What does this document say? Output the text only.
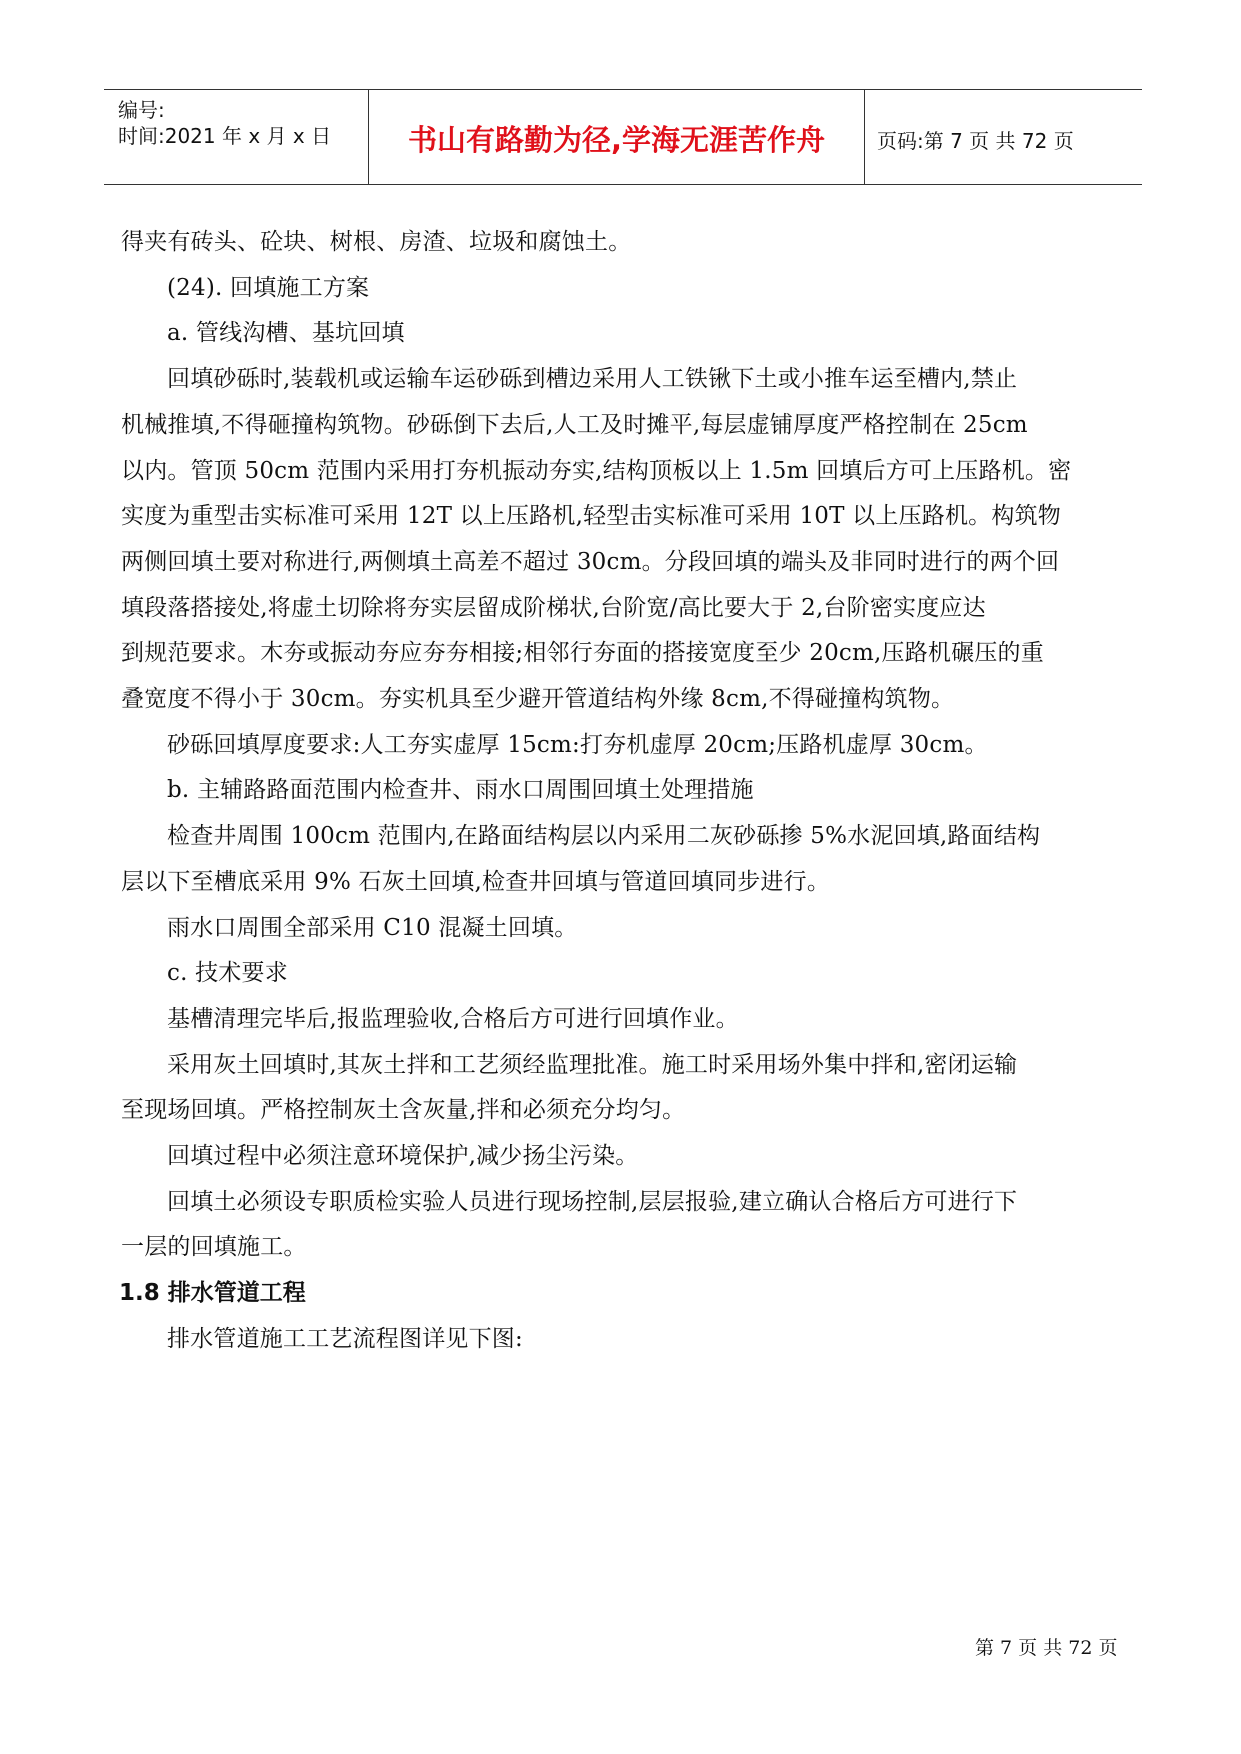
编号:
时间:2021 年 x 月 x 日	书山有路勤为径,学海无涯苦作舟	页码:第 7 页 共 72 页

得夹有砖头、砼块、树根、房渣、垃圾和腐蚀土。

(24). 回填施工方案

a. 管线沟槽、基坑回填

回填砂砾时,装载机或运输车运砂砾到槽边采用人工铁锹下土或小推车运至槽内,禁止

机械推填,不得砸撞构筑物。砂砾倒下去后,人工及时摊平,每层虚铺厚度严格控制在 25cm

以内。管顶 50cm 范围内采用打夯机振动夯实,结构顶板以上 1.5m 回填后方可上压路机。密

实度为重型击实标准可采用 12T 以上压路机,轻型击实标准可采用 10T 以上压路机。构筑物

两侧回填土要对称进行,两侧填土高差不超过 30cm。分段回填的端头及非同时进行的两个回

填段落搭接处,将虚土切除将夯实层留成阶梯状,台阶宽/高比要大于 2,台阶密实度应达

到规范要求。木夯或振动夯应夯夯相接;相邻行夯面的搭接宽度至少 20cm,压路机碾压的重

叠宽度不得小于 30cm。夯实机具至少避开管道结构外缘 8cm,不得碰撞构筑物。

砂砾回填厚度要求:人工夯实虚厚 15cm:打夯机虚厚 20cm;压路机虚厚 30cm。

b. 主辅路路面范围内检查井、雨水口周围回填土处理措施

检查井周围 100cm 范围内,在路面结构层以内采用二灰砂砾掺 5%水泥回填,路面结构

层以下至槽底采用 9% 石灰土回填,检查井回填与管道回填同步进行。

雨水口周围全部采用 C10 混凝土回填。

c. 技术要求

基槽清理完毕后,报监理验收,合格后方可进行回填作业。

采用灰土回填时,其灰土拌和工艺须经监理批准。施工时采用场外集中拌和,密闭运输

至现场回填。严格控制灰土含灰量,拌和必须充分均匀。

回填过程中必须注意环境保护,减少扬尘污染。

回填土必须设专职质检实验人员进行现场控制,层层报验,建立确认合格后方可进行下

一层的回填施工。

1.8 排水管道工程

排水管道施工工艺流程图详见下图:

第 7 页 共 72 页
